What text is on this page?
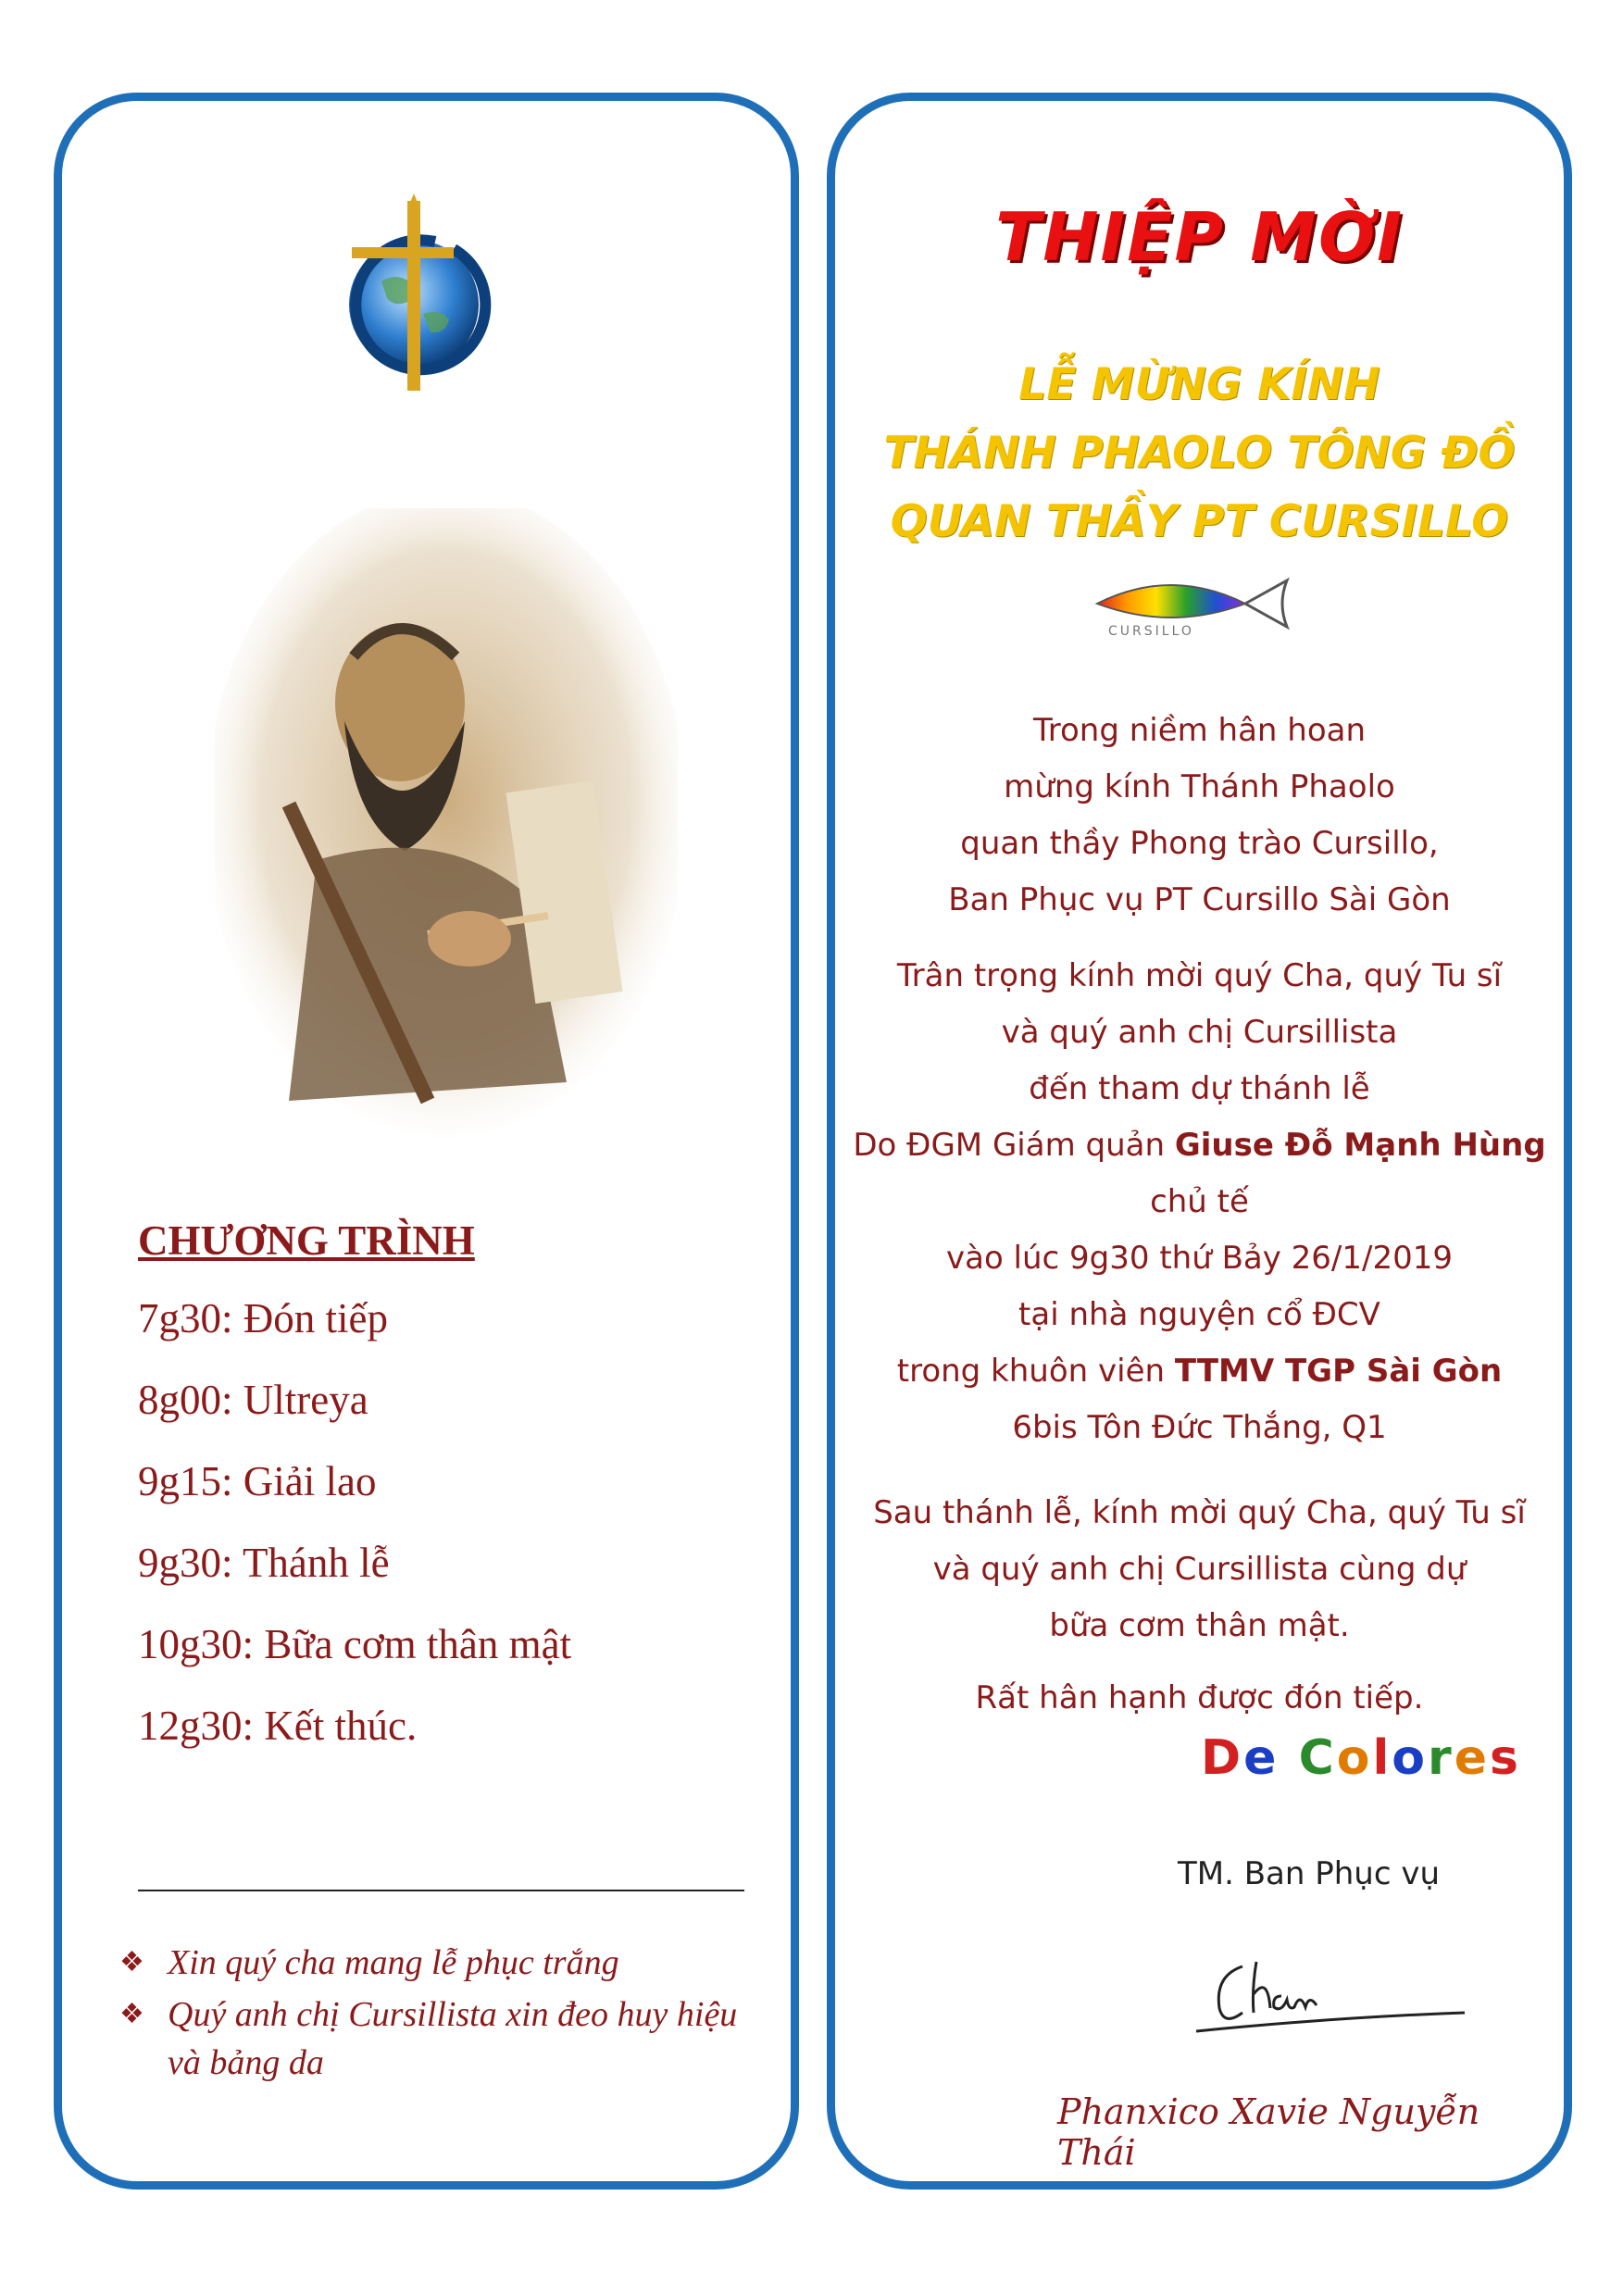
CHƯƠNG TRÌNH
7g30: Đón tiếp
8g00: Ultreya
9g15: Giải lao
9g30: Thánh lễ
10g30: Bữa cơm thân mật
12g30: Kết thúc.
❖ Xin quý cha mang lễ phục trắng
❖ Quý anh chị Cursillista xin đeo huy hiệu và bảng da
THIỆP MỜI
LỄ MỪNG KÍNH
THÁNH PHAOLO TÔNG ĐỒ
QUAN THẦY PT CURSILLO
CURSILLO
Trong niềm hân hoan
mừng kính Thánh Phaolo
quan thầy Phong trào Cursillo,
Ban Phục vụ PT Cursillo Sài Gòn
Trân trọng kính mời quý Cha, quý Tu sĩ
và quý anh chị Cursillista
đến tham dự thánh lễ
Do ĐGM Giám quản Giuse Đỗ Mạnh Hùng
chủ tế
vào lúc 9g30 thứ Bảy 26/1/2019
tại nhà nguyện cổ ĐCV
trong khuôn viên TTMV TGP Sài Gòn
6bis Tôn Đức Thắng, Q1
Sau thánh lễ, kính mời quý Cha, quý Tu sĩ
và quý anh chị Cursillista cùng dự
bữa cơm thân mật.
Rất hân hạnh được đón tiếp.
De Colores
TM. Ban Phục vụ
Phanxico Xavie Nguyễn Thái
